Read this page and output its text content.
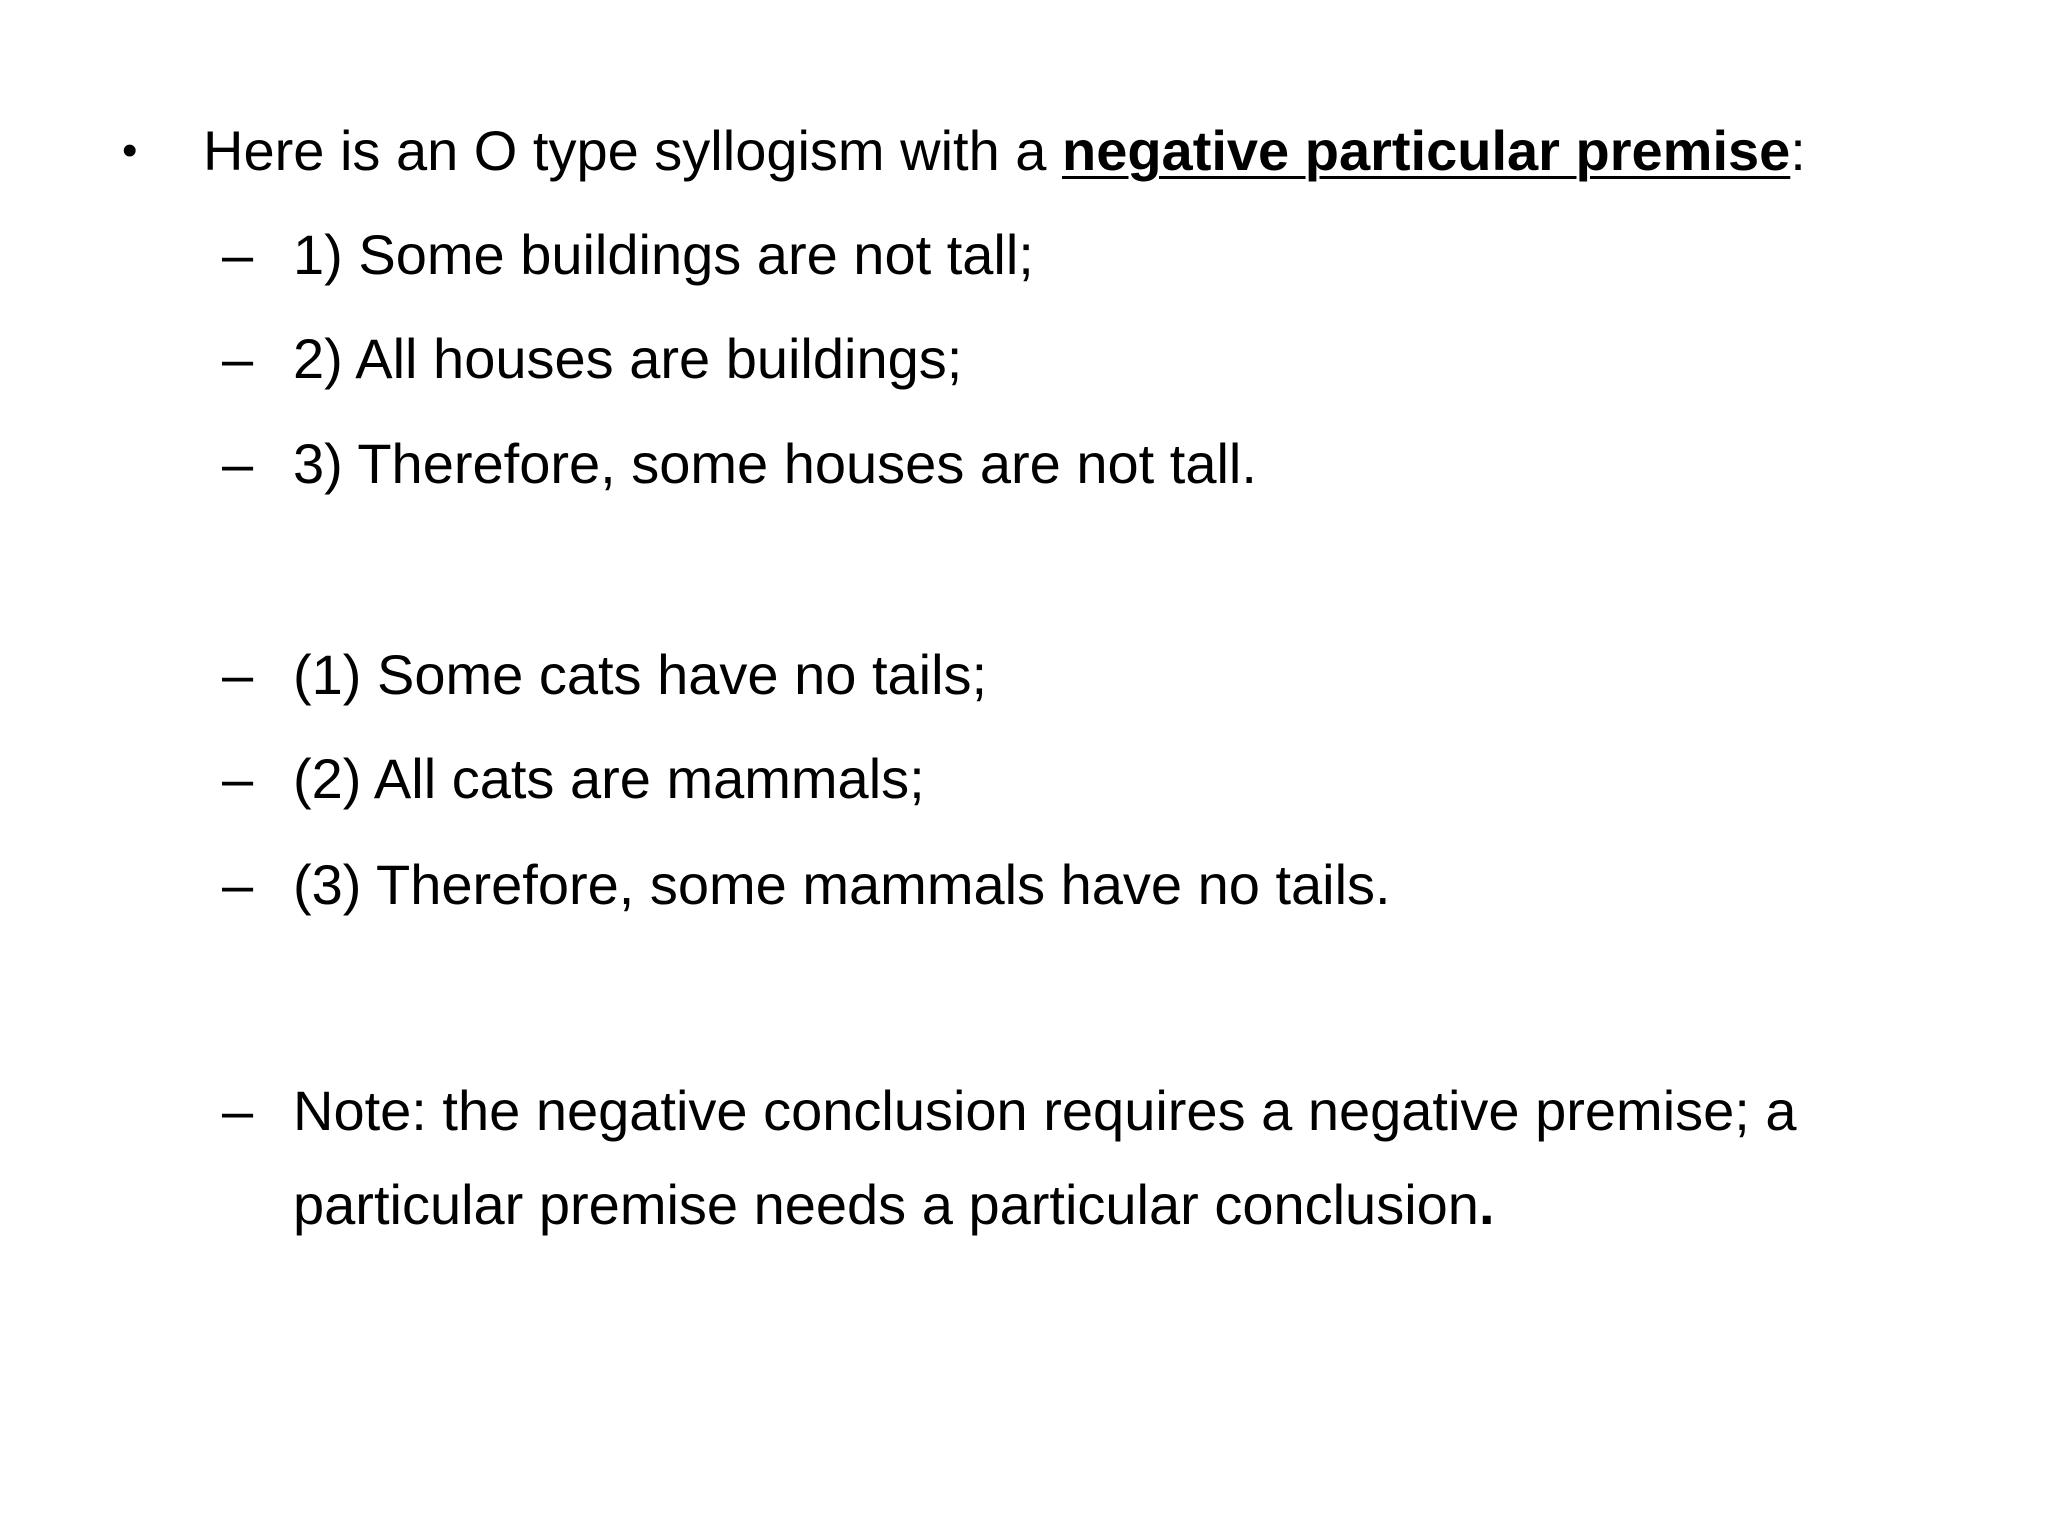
• Here is an O type syllogism with a negative particular premise:
– 1) Some buildings are not tall;
– 2) All houses are buildings;
– 3) Therefore, some houses are not tall.
– (1) Some cats have no tails;
– (2) All cats are mammals;
– (3) Therefore, some mammals have no tails.
– Note: the negative conclusion requires a negative premise; a
particular premise needs a particular conclusion.
